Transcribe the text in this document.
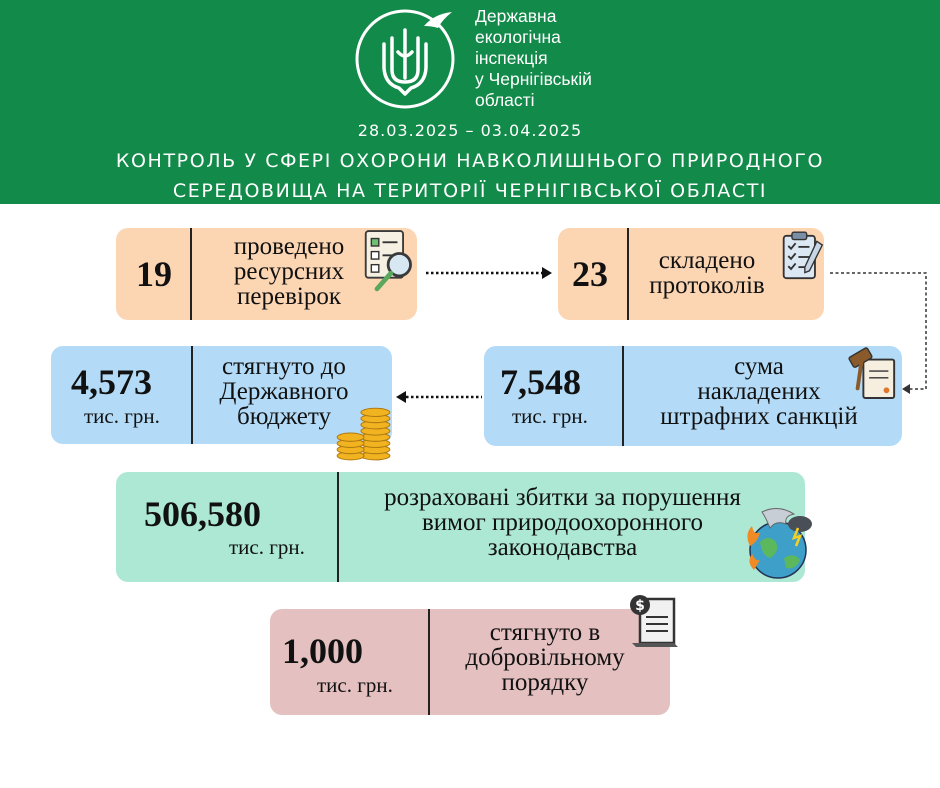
Державна
екологічна
інспекція
у Чернігівській
області
28.03.2025 – 03.04.2025
КОНТРОЛЬ У СФЕРІ ОХОРОНИ НАВКОЛИШНЬОГО ПРИРОДНОГО
СЕРЕДОВИЩА НА ТЕРИТОРІЇ ЧЕРНІГІВСЬКОЇ ОБЛАСТІ
19
проведено
ресурсних
перевірок
23	складено
протоколів
7,548
тис. грн.
сума
накладених
штрафних санкцій
4,573
тис. грн.
стягнуто до
Державного
бюджету
506,580
тис. грн.
розраховані збитки за порушення
вимог природоохоронного
законодавства
1,000
тис. грн.
стягнуто в
добровільному
порядку
$
